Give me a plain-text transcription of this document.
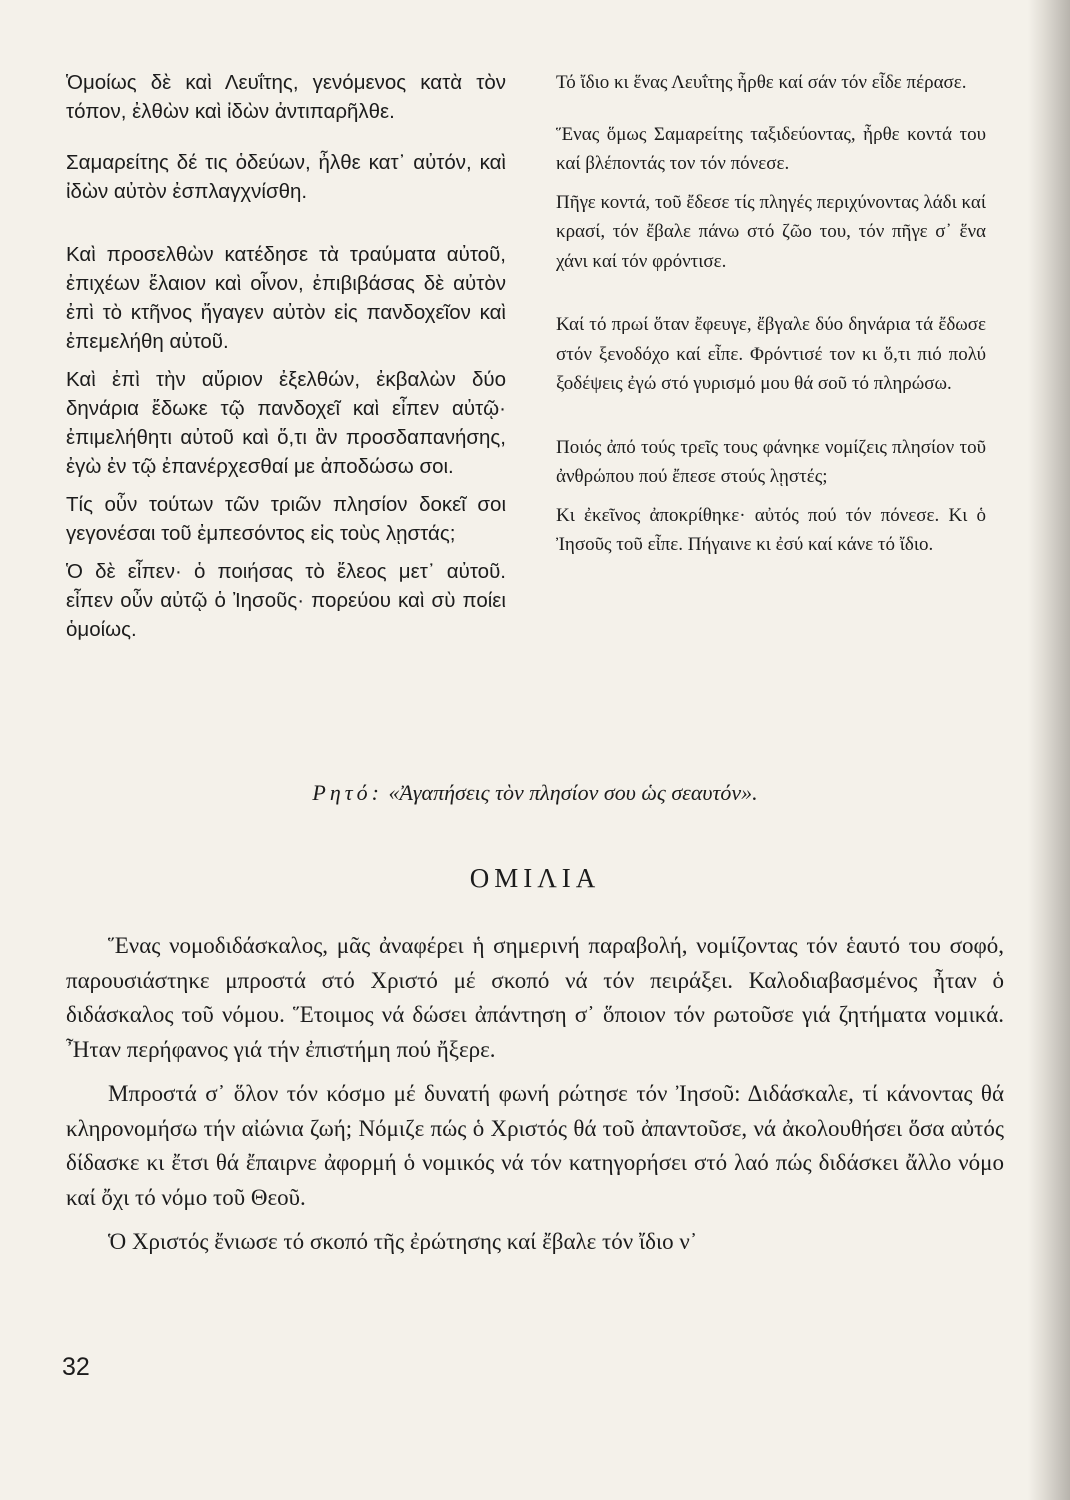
Ὁμοίως δὲ καὶ Λευΐτης, γενόμενος κατὰ τὸν τόπον, ἐλθὼν καὶ ἰδὼν ἀντιπαρῆλθε.

Σαμαρείτης δέ τις ὁδεύων, ἦλθε κατ᾽ αὐτόν, καὶ ἰδὼν αὐτὸν ἐσπλαγχνίσθη.

Καὶ προσελθὼν κατέδησε τὰ τραύματα αὐτοῦ, ἐπιχέων ἔλαιον καὶ οἶνον, ἐπιβιβάσας δὲ αὐτὸν ἐπὶ τὸ κτῆνος ἤγαγεν αὐτὸν εἰς πανδοχεῖον καὶ ἐπεμελήθη αὐτοῦ.

Καὶ ἐπὶ τὴν αὔριον ἐξελθών, ἐκβαλὼν δύο δηνάρια ἔδωκε τῷ πανδοχεῖ καὶ εἶπεν αὐτῷ· ἐπιμελήθητι αὐτοῦ καὶ ὅ,τι ἂν προσδαπανήσης, ἐγὼ ἐν τῷ ἐπανέρχεσθαί με ἀποδώσω σοι.

Τίς οὖν τούτων τῶν τριῶν πλησίον δοκεῖ σοι γεγονέσαι τοῦ ἐμπεσόντος εἰς τοὺς λῃστάς;

Ὁ δὲ εἶπεν· ὁ ποιήσας τὸ ἔλεος μετ᾽ αὐτοῦ. εἶπεν οὖν αὐτῷ ὁ Ἰησοῦς· πορεύου καὶ σὺ ποίει ὁμοίως.

Τό ἴδιο κι ἕνας Λευΐτης ἦρθε καί σάν τόν εἶδε πέρασε.

Ἕνας ὅμως Σαμαρείτης ταξιδεύοντας, ἦρθε κοντά του καί βλέποντάς τον τόν πόνεσε.

Πῆγε κοντά, τοῦ ἔδεσε τίς πληγές περιχύνοντας λάδι καί κρασί, τόν ἔβαλε πάνω στό ζῶο του, τόν πῆγε σ᾽ ἕνα χάνι καί τόν φρόντισε.

Καί τό πρωί ὅταν ἔφευγε, ἔβγαλε δύο δηνάρια τά ἔδωσε στόν ξενοδόχο καί εἶπε. Φρόντισέ τον κι ὅ,τι πιό πολύ ξοδέψεις ἐγώ στό γυρισμό μου θά σοῦ τό πληρώσω.

Ποιός ἀπό τούς τρεῖς τους φάνηκε νομίζεις πλησίον τοῦ ἀνθρώπου πού ἔπεσε στούς λῃστές;

Κι ἐκεῖνος ἀποκρίθηκε· αὐτός πού τόν πόνεσε. Κι ὁ Ἰησοῦς τοῦ εἶπε. Πήγαινε κι ἐσύ καί κάνε τό ἴδιο.

Ρητό: «Ἀγαπήσεις τὸν πλησίον σου ὡς σεαυτόν».
ΟΜΙΛΙΑ

Ἕνας νομοδιδάσκαλος, μᾶς ἀναφέρει ἡ σημερινή παραβολή, νομίζοντας τόν ἑαυτό του σοφό, παρουσιάστηκε μπροστά στό Χριστό μέ σκοπό νά τόν πειράξει. Καλοδιαβασμένος ἦταν ὁ διδάσκαλος τοῦ νόμου. Ἕτοιμος νά δώσει ἀπάντηση σ᾽ ὅποιον τόν ρωτοῦσε γιά ζητήματα νομικά. Ἦταν περήφανος γιά τήν ἐπιστήμη πού ἤξερε.

Μπροστά σ᾽ ὅλον τόν κόσμο μέ δυνατή φωνή ρώτησε τόν Ἰησοῦ: Διδάσκαλε, τί κάνοντας θά κληρονομήσω τήν αἰώνια ζωή; Νόμιζε πώς ὁ Χριστός θά τοῦ ἀπαντοῦσε, νά ἀκολουθήσει ὅσα αὐτός δίδασκε κι ἔτσι θά ἔπαιρνε ἀφορμή ὁ νομικός νά τόν κατηγορήσει στό λαό πώς διδάσκει ἄλλο νόμο καί ὄχι τό νόμο τοῦ Θεοῦ.

Ὁ Χριστός ἔνιωσε τό σκοπό τῆς ἐρώτησης καί ἔβαλε τόν ἴδιο ν᾽

32
